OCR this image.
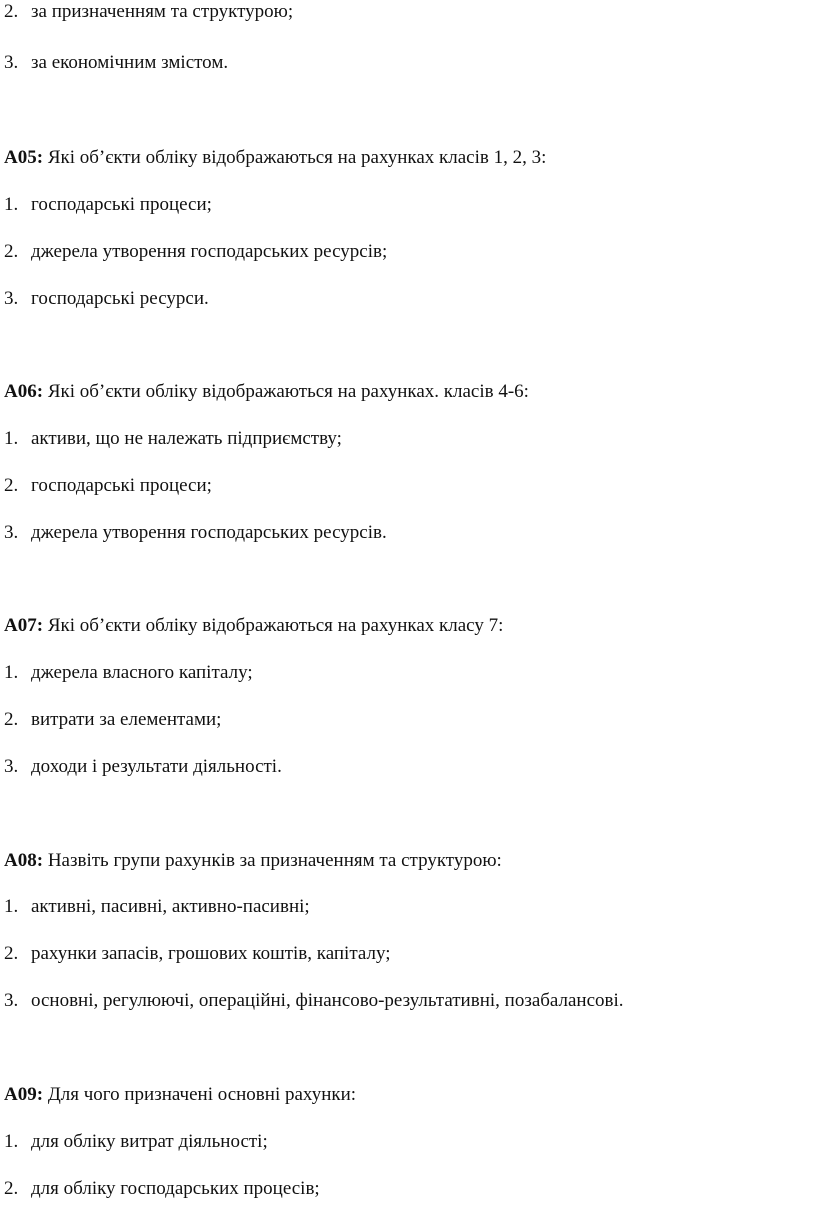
2. за призначенням та структурою;
3. за економічним змістом.
A05: Які об’єкти обліку відображаються на рахунках класів 1, 2, 3:
1. господарські процеси;
2. джерела утворення господарських ресурсів;
3. господарські ресурси.
A06: Які об’єкти обліку відображаються на рахунках. класів 4-6:
1. активи, що не належать підприємству;
2. господарські процеси;
3. джерела утворення господарських ресурсів.
A07: Які об’єкти обліку відображаються на рахунках класу 7:
1. джерела власного капіталу;
2. витрати за елементами;
3. доходи і результати діяльності.
A08: Назвіть групи рахунків за призначенням та структурою:
1. активні, пасивні, активно-пасивні;
2. рахунки запасів, грошових коштів, капіталу;
3. основні, регулюючі, операційні, фінансово-результативні, позабалансові.
A09: Для чого призначені основні рахунки:
1. для обліку витрат діяльності;
2. для обліку господарських процесів;
